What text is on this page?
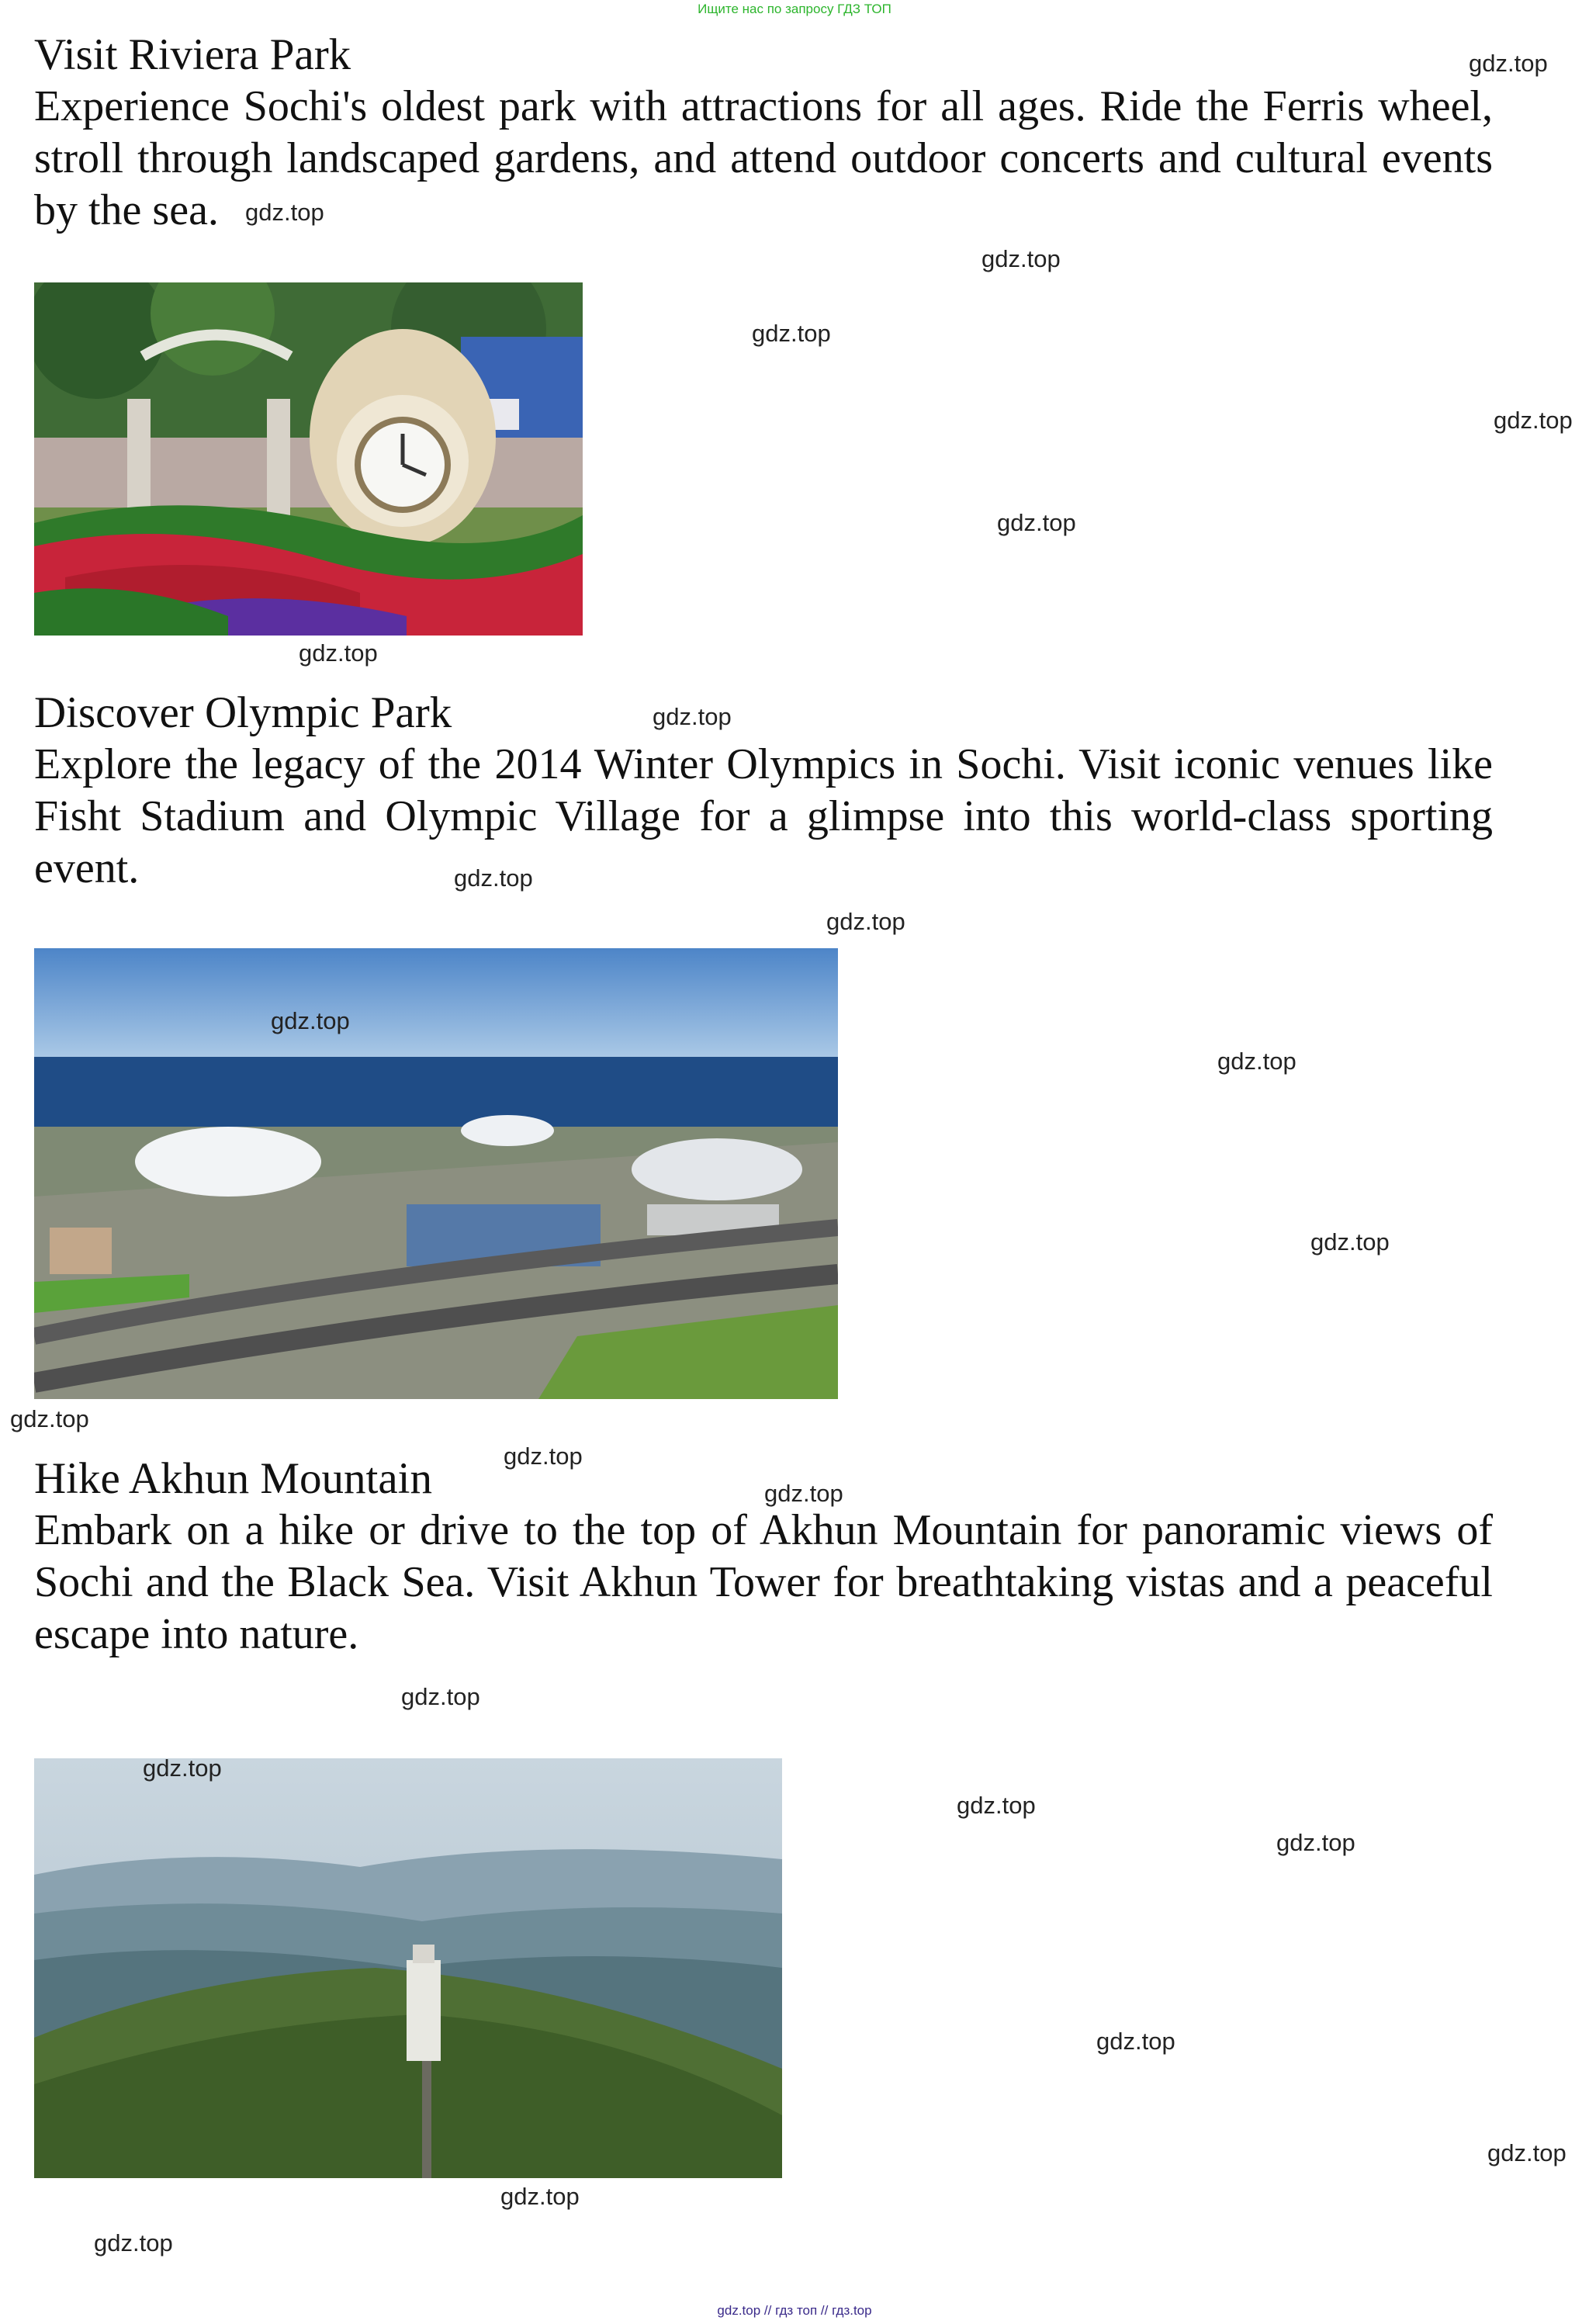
Ищите нас по запросу ГДЗ ТОП
Visit Riviera Park

Experience Sochi's oldest park with attractions for all ages. Ride the Ferris wheel, stroll through landscaped gardens, and attend outdoor concerts and cultural events by the sea.

Discover Olympic Park

Explore the legacy of the 2014 Winter Olympics in Sochi. Visit iconic venues like Fisht Stadium and Olympic Village for a glimpse into this world-class sporting event.

Hike Akhun Mountain

Embark on a hike or drive to the top of Akhun Mountain for panoramic views of Sochi and the Black Sea. Visit Akhun Tower for breathtaking vistas and a peaceful escape into nature.

gdz.top
gdz.top
gdz.top
gdz.top
gdz.top
gdz.top
gdz.top
gdz.top
gdz.top
gdz.top
gdz.top
gdz.top
gdz.top
gdz.top
gdz.top
gdz.top
gdz.top
gdz.top
gdz.top
gdz.top
gdz.top
gdz.top
gdz.top
gdz.top
gdz.top // гдз топ // гдз.top
